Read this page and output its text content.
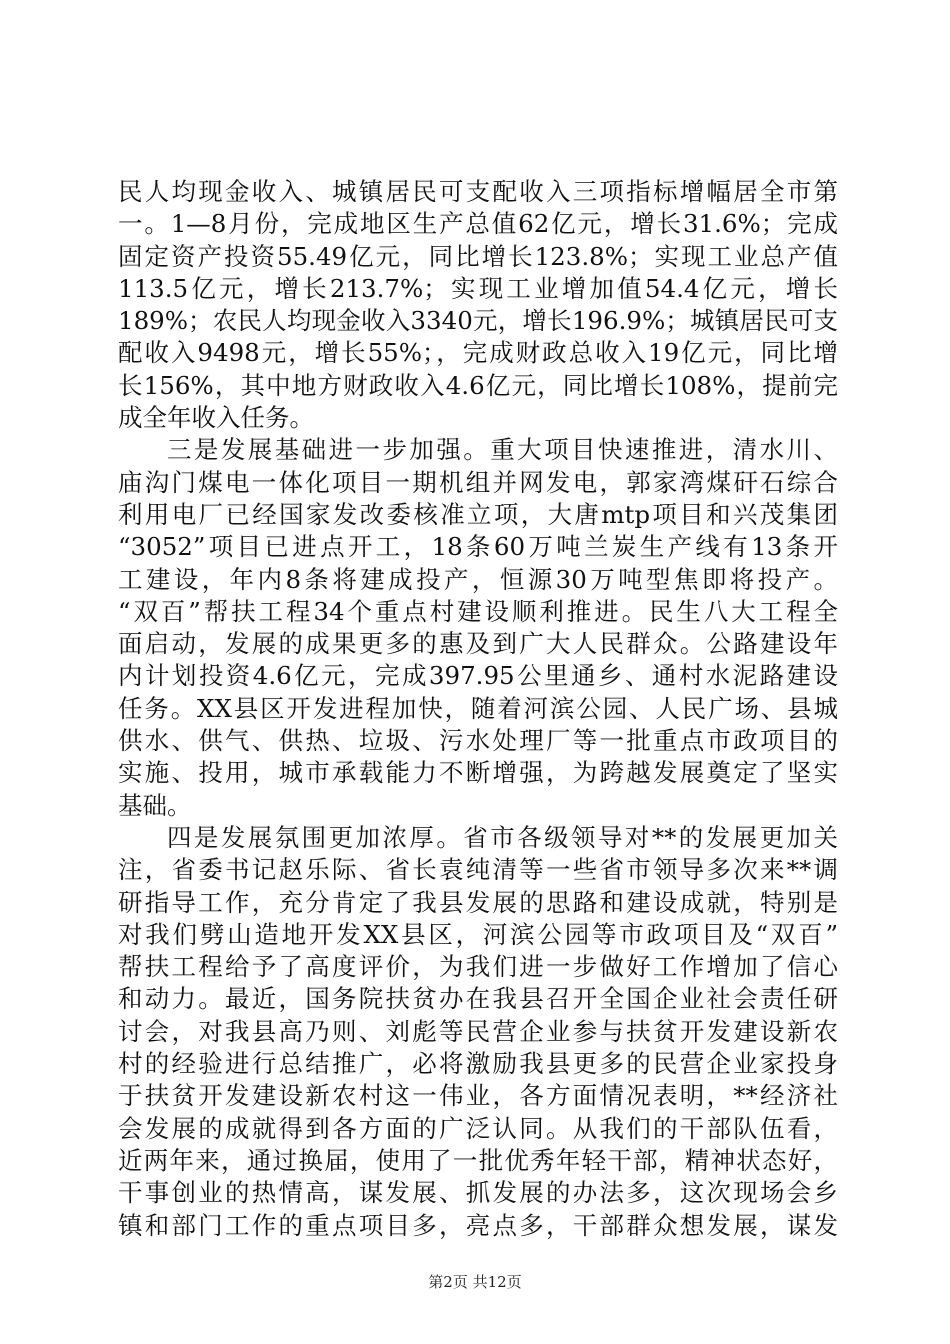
民人均现金收入、城镇居民可支配收入三项指标增幅居全市第
一。1—8月份，完成地区生产总值62亿元，增长31.6%；完成
固定资产投资55.49亿元，同比增长123.8%；实现工业总产值
113.5亿元，增长213.7%；实现工业增加值54.4亿元，增长
189%；农民人均现金收入3340元，增长196.9%；城镇居民可支
配收入9498元，增长55%；，完成财政总收入19亿元，同比增
长156%，其中地方财政收入4.6亿元，同比增长108%，提前完
成全年收入任务。
三是发展基础进一步加强。重大项目快速推进，清水川、
庙沟门煤电一体化项目一期机组并网发电，郭家湾煤矸石综合
利用电厂已经国家发改委核准立项，大唐mtp项目和兴茂集团
“3052”项目已进点开工，18条60万吨兰炭生产线有13条开
工建设，年内8条将建成投产，恒源30万吨型焦即将投产。
“双百”帮扶工程34个重点村建设顺利推进。民生八大工程全
面启动，发展的成果更多的惠及到广大人民群众。公路建设年
内计划投资4.6亿元，完成397.95公里通乡、通村水泥路建设
任务。XX县区开发进程加快，随着河滨公园、人民广场、县城
供水、供气、供热、垃圾、污水处理厂等一批重点市政项目的
实施、投用，城市承载能力不断增强，为跨越发展奠定了坚实
基础。
四是发展氛围更加浓厚。省市各级领导对**的发展更加关
注，省委书记赵乐际、省长袁纯清等一些省市领导多次来**调
研指导工作，充分肯定了我县发展的思路和建设成就，特别是
对我们劈山造地开发XX县区，河滨公园等市政项目及“双百”
帮扶工程给予了高度评价，为我们进一步做好工作增加了信心
和动力。最近，国务院扶贫办在我县召开全国企业社会责任研
讨会，对我县高乃则、刘彪等民营企业参与扶贫开发建设新农
村的经验进行总结推广，必将激励我县更多的民营企业家投身
于扶贫开发建设新农村这一伟业，各方面情况表明，**经济社
会发展的成就得到各方面的广泛认同。从我们的干部队伍看，
近两年来，通过换届，使用了一批优秀年轻干部，精神状态好，
干事创业的热情高，谋发展、抓发展的办法多，这次现场会乡
镇和部门工作的重点项目多，亮点多，干部群众想发展，谋发
第2页 共12页
